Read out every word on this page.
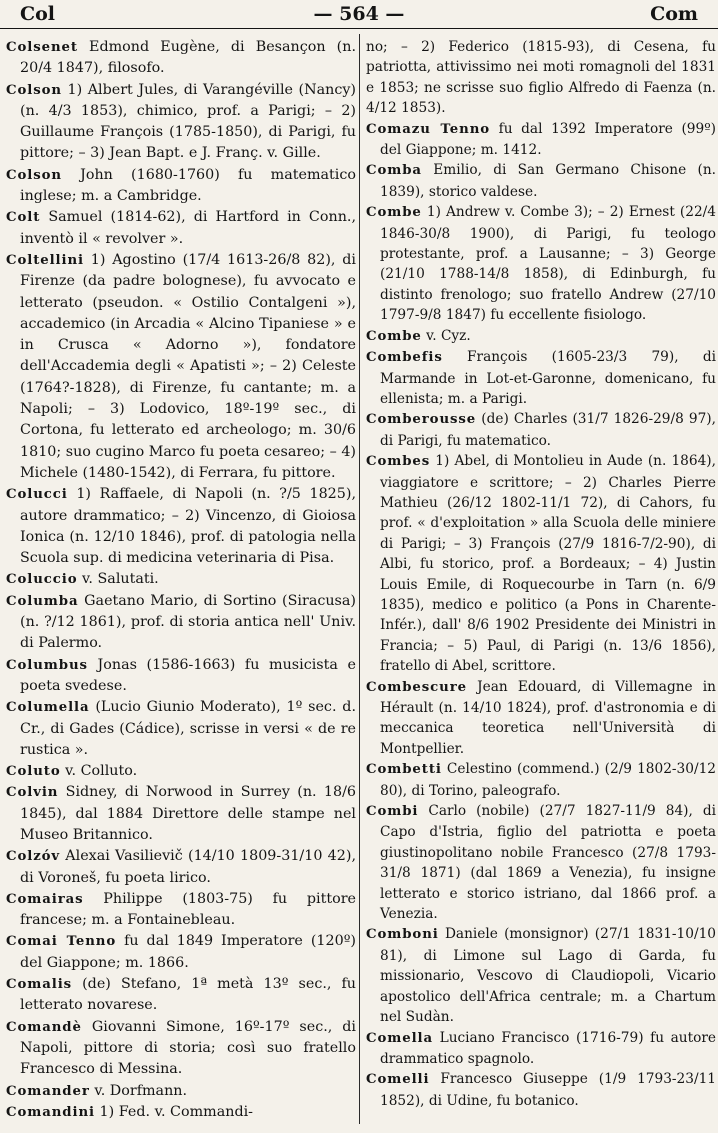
Col	— 564 —	Com

Colsenet Edmond Eugène, di Besançon (n. 20/4 1847), filosofo.

Colson 1) Albert Jules, di Varangéville (Nancy) (n. 4/3 1853), chimico, prof. a Parigi; – 2) Guillaume François (1785-1850), di Parigi, fu pittore; – 3) Jean Bapt. e J. Franç. v. Gille.

Colson John (1680-1760) fu matematico inglese; m. a Cambridge.

Colt Samuel (1814-62), di Hartford in Conn., inventò il « revolver ».

Coltellini 1) Agostino (17/4 1613-26/8 82), di Firenze (da padre bolognese), fu avvocato e letterato (pseudon. « Ostilio Contalgeni »), accademico (in Arcadia « Alcino Tipaniese » e in Crusca « Adorno »), fondatore dell'Accademia degli « Apatisti »; – 2) Celeste (1764?-1828), di Firenze, fu cantante; m. a Napoli; – 3) Lodovico, 18º-19º sec., di Cortona, fu letterato ed archeologo; m. 30/6 1810; suo cugino Marco fu poeta cesareo; – 4) Michele (1480-1542), di Ferrara, fu pittore.

Colucci 1) Raffaele, di Napoli (n. ?/5 1825), autore drammatico; – 2) Vincenzo, di Gioiosa Ionica (n. 12/10 1846), prof. di patologia nella Scuola sup. di medicina veterinaria di Pisa.

Coluccio v. Salutati.

Columba Gaetano Mario, di Sortino (Siracusa) (n. ?/12 1861), prof. di storia antica nell' Univ. di Palermo.

Columbus Jonas (1586-1663) fu musicista e poeta svedese.

Columella (Lucio Giunio Moderato), 1º sec. d. Cr., di Gades (Cádice), scrisse in versi « de re rustica ».

Coluto v. Colluto.

Colvin Sidney, di Norwood in Surrey (n. 18/6 1845), dal 1884 Direttore delle stampe nel Museo Britannico.

Colzóv Alexai Vasilievič (14/10 1809-31/10 42), di Voroneš, fu poeta lirico.

Comairas Philippe (1803-75) fu pittore francese; m. a Fontainebleau.

Comai Tenno fu dal 1849 Imperatore (120º) del Giappone; m. 1866.

Comalis (de) Stefano, 1ª metà 13º sec., fu letterato novarese.

Comandè Giovanni Simone, 16º-17º sec., di Napoli, pittore di storia; così suo fratello Francesco di Messina.

Comander v. Dorfmann.

Comandini 1) Fed. v. Commandi-

no; – 2) Federico (1815-93), di Cesena, fu patriotta, attivissimo nei moti romagnoli del 1831 e 1853; ne scrisse suo figlio Alfredo di Faenza (n. 4/12 1853).

Comazu Tenno fu dal 1392 Imperatore (99º) del Giappone; m. 1412.

Comba Emilio, di San Germano Chisone (n. 1839), storico valdese.

Combe 1) Andrew v. Combe 3); – 2) Ernest (22/4 1846-30/8 1900), di Parigi, fu teologo protestante, prof. a Lausanne; – 3) George (21/10 1788-14/8 1858), di Edinburgh, fu distinto frenologo; suo fratello Andrew (27/10 1797-9/8 1847) fu eccellente fisiologo.

Combe v. Cyz.

Combefis François (1605-23/3 79), di Marmande in Lot-et-Garonne, domenicano, fu ellenista; m. a Parigi.

Comberousse (de) Charles (31/7 1826-29/8 97), di Parigi, fu matematico.

Combes 1) Abel, di Montolieu in Aude (n. 1864), viaggiatore e scrittore; – 2) Charles Pierre Mathieu (26/12 1802-11/1 72), di Cahors, fu prof. « d'exploitation » alla Scuola delle miniere di Parigi; – 3) François (27/9 1816-7/2-90), di Albi, fu storico, prof. a Bordeaux; – 4) Justin Louis Emile, di Roquecourbe in Tarn (n. 6/9 1835), medico e politico (a Pons in Charente-Infér.), dall' 8/6 1902 Presidente dei Ministri in Francia; – 5) Paul, di Parigi (n. 13/6 1856), fratello di Abel, scrittore.

Combescure Jean Edouard, di Villemagne in Hérault (n. 14/10 1824), prof. d'astronomia e di meccanica teoretica nell'Università di Montpellier.

Combetti Celestino (commend.) (2/9 1802-30/12 80), di Torino, paleografo.

Combi Carlo (nobile) (27/7 1827-11/9 84), di Capo d'Istria, figlio del patriotta e poeta giustinopolitano nobile Francesco (27/8 1793-31/8 1871) (dal 1869 a Venezia), fu insigne letterato e storico istriano, dal 1866 prof. a Venezia.

Comboni Daniele (monsignor) (27/1 1831-10/10 81), di Limone sul Lago di Garda, fu missionario, Vescovo di Claudiopoli, Vicario apostolico dell'Africa centrale; m. a Chartum nel Sudàn.

Comella Luciano Francisco (1716-79) fu autore drammatico spagnolo.

Comelli Francesco Giuseppe (1/9 1793-23/11 1852), di Udine, fu botanico.
